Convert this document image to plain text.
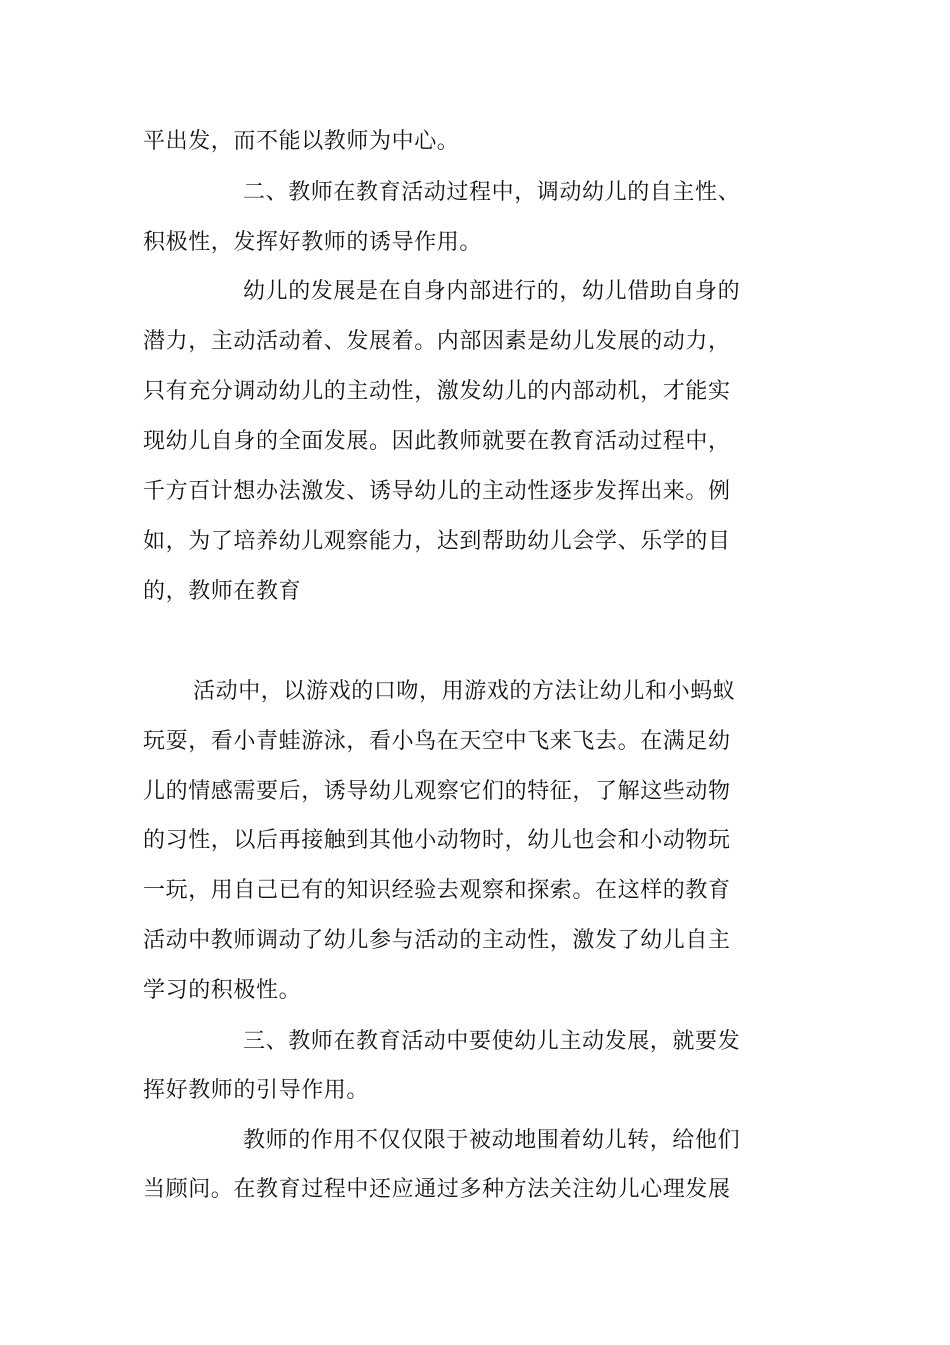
平出发，而不能以教师为中心。
二、教师在教育活动过程中，调动幼儿的自主性、
积极性，发挥好教师的诱导作用。
幼儿的发展是在自身内部进行的，幼儿借助自身的
潜力，主动活动着、发展着。内部因素是幼儿发展的动力，
只有充分调动幼儿的主动性，激发幼儿的内部动机，才能实
现幼儿自身的全面发展。因此教师就要在教育活动过程中，
千方百计想办法激发、诱导幼儿的主动性逐步发挥出来。例
如，为了培养幼儿观察能力，达到帮助幼儿会学、乐学的目
的，教师在教育
活动中，以游戏的口吻，用游戏的方法让幼儿和小蚂蚁
玩耍，看小青蛙游泳，看小鸟在天空中飞来飞去。在满足幼
儿的情感需要后，诱导幼儿观察它们的特征，了解这些动物
的习性，以后再接触到其他小动物时，幼儿也会和小动物玩
一玩，用自己已有的知识经验去观察和探索。在这样的教育
活动中教师调动了幼儿参与活动的主动性，激发了幼儿自主
学习的积极性。
三、教师在教育活动中要使幼儿主动发展，就要发
挥好教师的引导作用。
教师的作用不仅仅限于被动地围着幼儿转，给他们
当顾问。在教育过程中还应通过多种方法关注幼儿心理发展
